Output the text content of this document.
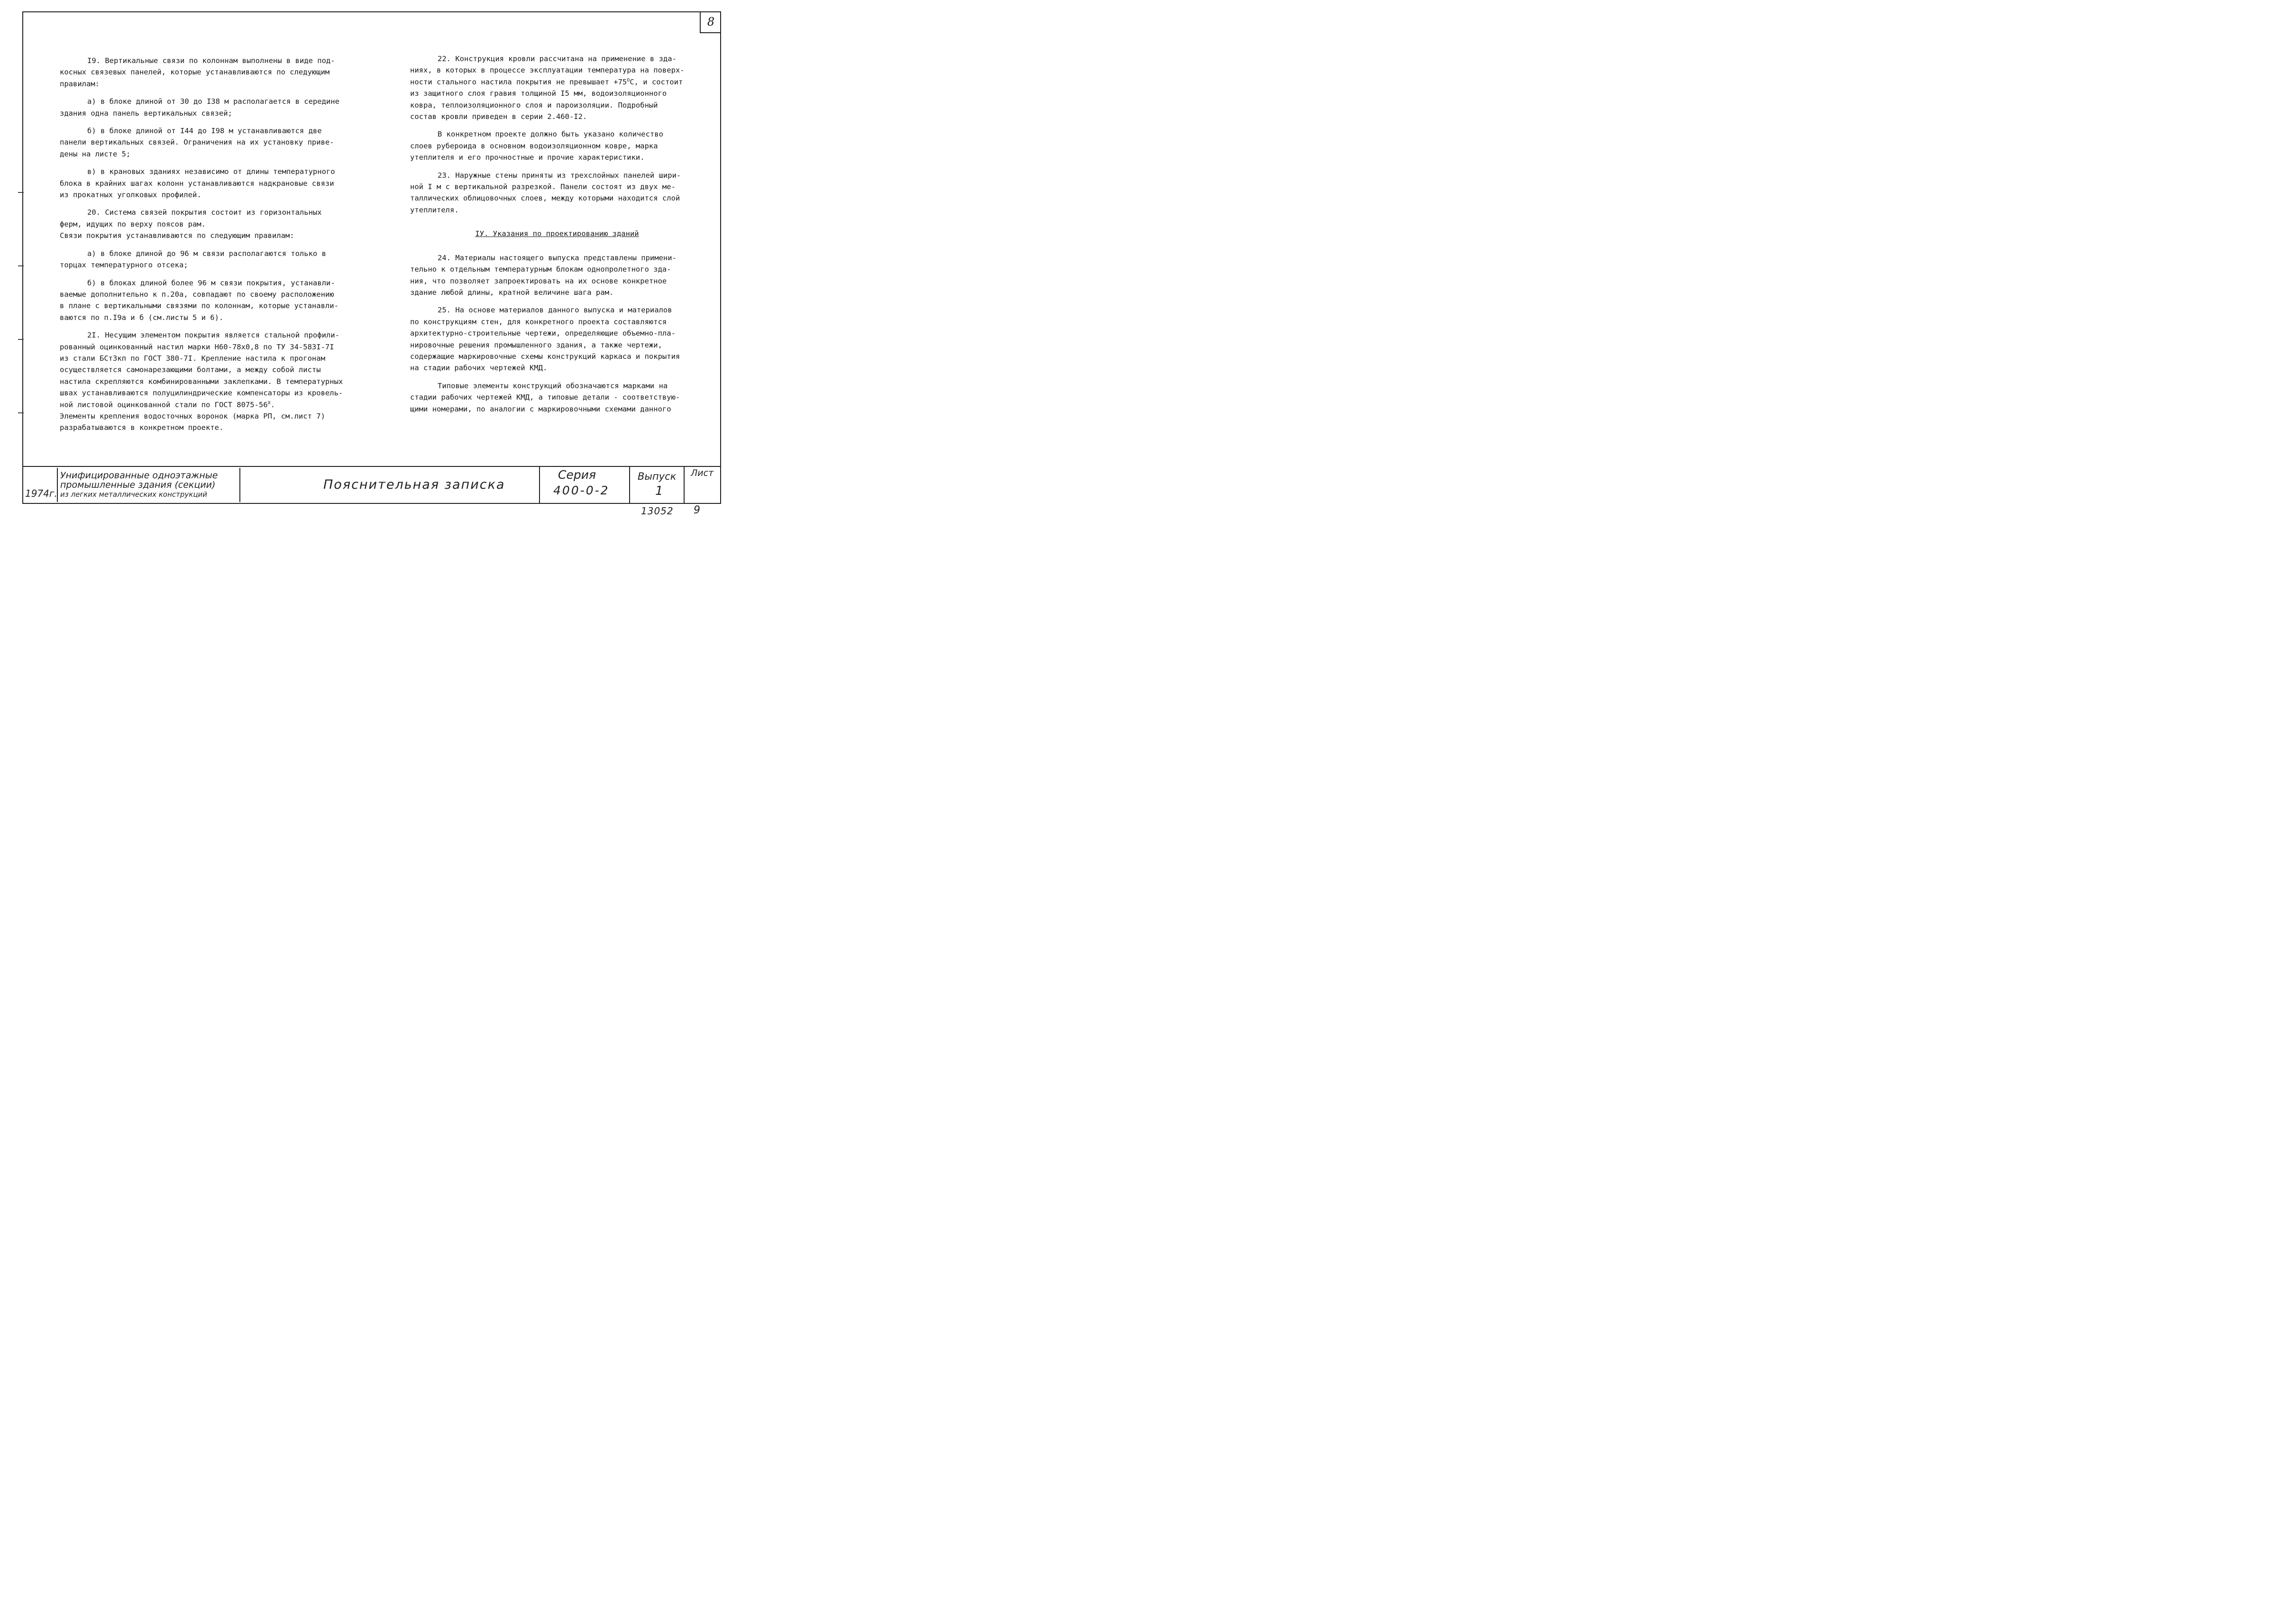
8

I9. Вертикальные связи по колоннам выполнены в виде под-

косных связевых панелей, которые устанавливаются по следующим

правилам:

а) в блоке длиной от 30 до I38 м располагается в середине

здания одна панель вертикальных связей;

б) в блоке длиной от I44 до I98 м устанавливаются две

панели вертикальных связей. Ограничения на их установку приве-

дены на листе 5;

в) в крановых зданиях независимо от длины температурного

блока в крайних шагах колонн устанавливаются надкрановые связи

из прокатных уголковых профилей.

20. Система связей покрытия состоит из горизонтальных

ферм, идущих по верху поясов рам.

Связи покрытия устанавливаются по следующим правилам:

а) в блоке длиной до 96 м связи располагаются только в

торцах температурного отсека;

б) в блоках длиной более 96 м связи покрытия, устанавли-

ваемые дополнительно к п.20а, совпадают по своему расположению

в плане с вертикальными связями по колоннам, которые устанавли-

ваются по п.I9а и б (см.листы 5 и 6).

2I. Несущим элементом покрытия является стальной профили-

рованный оцинкованный настил марки Н60-78х0,8 по ТУ 34-583I-7I

из стали БСт3кп по ГОСТ 380-7I. Крепление настила к прогонам

осуществляется самонарезающими болтами, а между собой листы

настила скрепляются комбинированными заклепками. В температурных

швах устанавливаются полуцилиндрические компенсаторы из кровель-

ной листовой оцинкованной стали по ГОСТ $8075-56^Х$.

Элементы крепления водосточных воронок (марка РП, см.лист 7)

разрабатываются в конкретном проекте.

22. Конструкция кровли рассчитана на применение в зда-

ниях, в которых в процессе эксплуатации температура на поверх-

ности стального настила покрытия не превышает $+75^ОС$, и состоит

из защитного слоя гравия толщиной I5 мм, водоизоляционного

ковра, теплоизоляционного слоя и пароизоляции. Подробный

состав кровли приведен в серии 2.460-I2.

В конкретном проекте должно быть указано количество

слоев рубероида в основном водоизоляционном ковре, марка

утеплителя и его прочностные и прочие характеристики.

23. Наружные стены приняты из трехслойных панелей шири-

ной I м с вертикальной разрезкой. Панели состоят из двух ме-

таллических облицовочных слоев, между которыми находится слой

утеплителя.

IУ. Указания по проектированию зданий

24. Материалы настоящего выпуска представлены примени-

тельно к отдельным температурным блокам однопролетного зда-

ния, что позволяет запроектировать на их основе конкретное

здание любой длины, кратной величине шага рам.

25. На основе материалов данного выпуска и материалов

по конструкциям стен, для конкретного проекта составляются

архитектурно-строительные чертежи, определяющие объемно-пла-

нировочные решения промышленного здания, а также чертежи,

содержащие маркировочные схемы конструкций каркаса и покрытия

на стадии рабочих чертежей КМД.

Типовые элементы конструкций обозначаются марками на

стадии рабочих чертежей КМД, а типовые детали - соответствую-

щими номерами, по аналогии с маркировочными схемами данного

1974г.
Унифицированные одноэтажные
промышленные здания (секции)
из легких металлических конструкций
Пояснительная записка
Серия
400-0-2
Выпуск
1
Лист
13052 9
